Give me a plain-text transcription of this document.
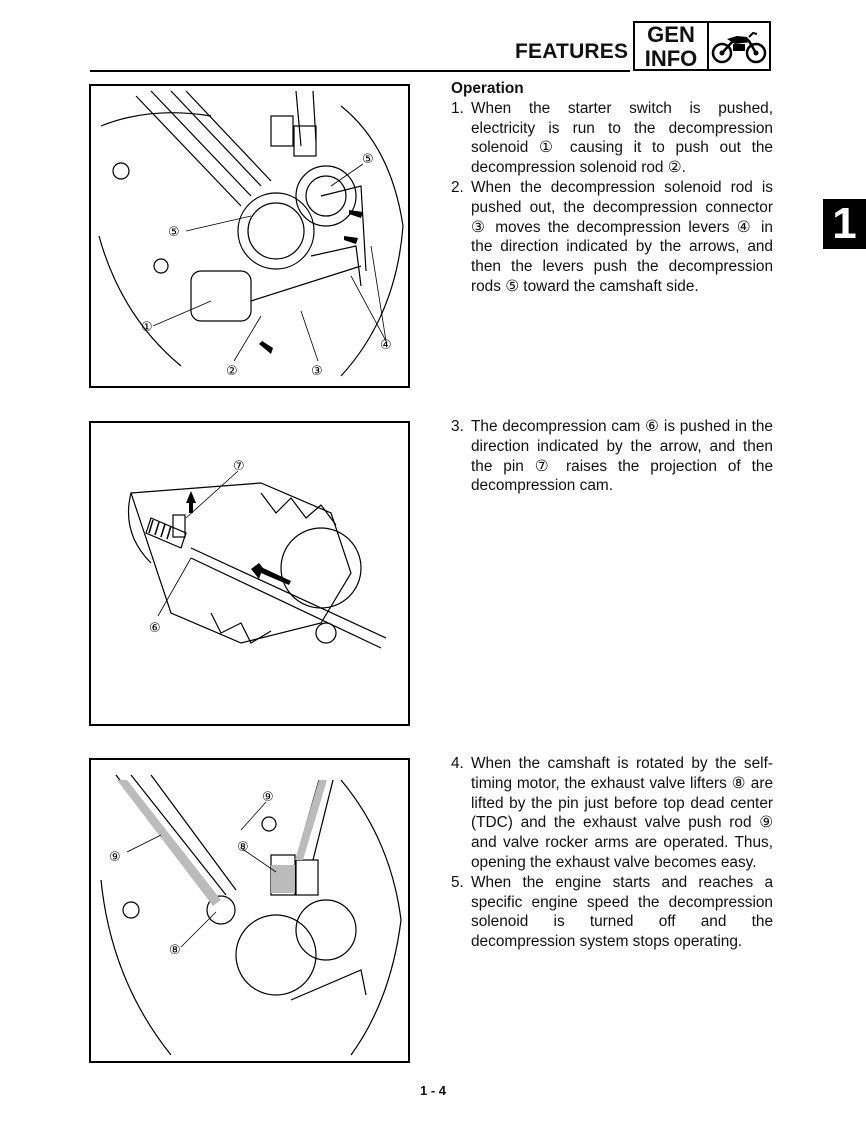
FEATURES
GEN
INFO
1
①
②	③
④
⑤
⑤
⑦
⑥
⑨
⑨
⑧
⑧
Operation
1. When the starter switch is pushed, electricity is run to the decompression solenoid ① causing it to push out the decompression solenoid rod ②.
2. When the decompression solenoid rod is pushed out, the decompression connector ③ moves the decompression levers ④ in the direction indicated by the arrows, and then the levers push the decompression rods ⑤ toward the camshaft side.
3. The decompression cam ⑥ is pushed in the direction indicated by the arrow, and then the pin ⑦ raises the projection of the decompression cam.
4. When the camshaft is rotated by the self-timing motor, the exhaust valve lifters ⑧ are lifted by the pin just before top dead center (TDC) and the exhaust valve push rod ⑨ and valve rocker arms are operated. Thus, opening the exhaust valve becomes easy.
5. When the engine starts and reaches a specific engine speed the decompression solenoid is turned off and the decompression system stops operating.
1 - 4
